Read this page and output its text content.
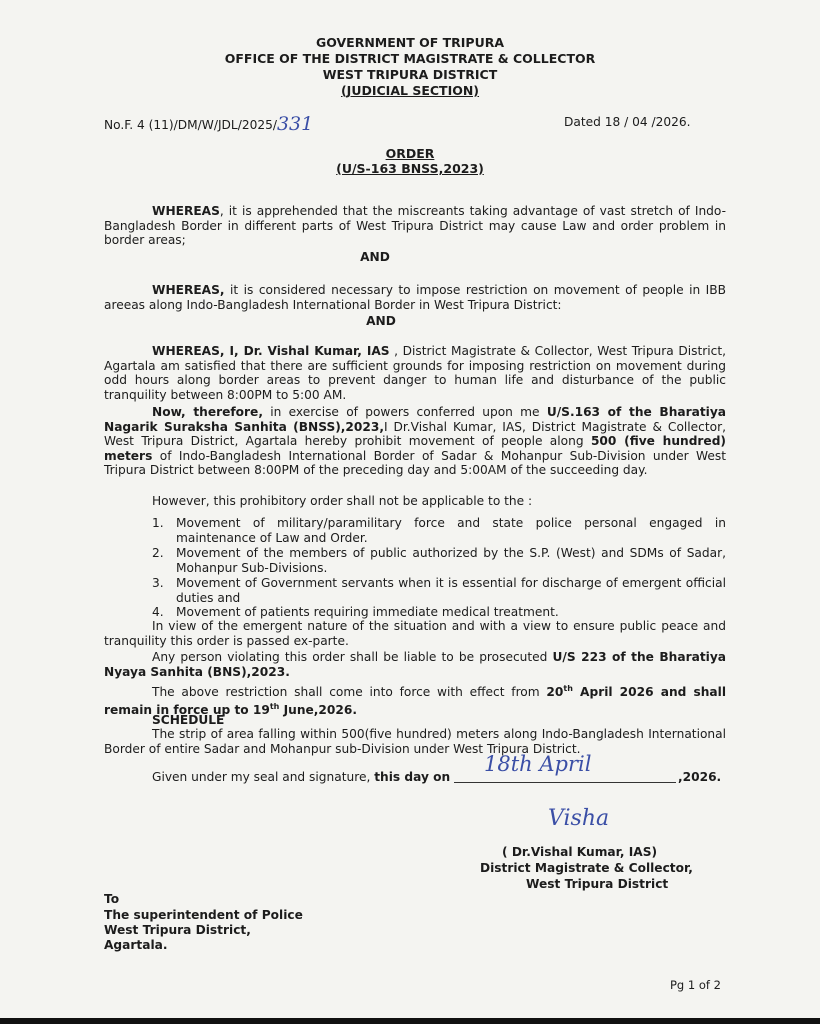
GOVERNMENT OF TRIPURA
OFFICE OF THE DISTRICT MAGISTRATE & COLLECTOR
WEST TRIPURA DISTRICT
(JUDICIAL SECTION)
No.F. 4 (11)/DM/W/JDL/2025/331	Dated 18 / 04 /2026.
ORDER
(U/S-163 BNSS,2023)
WHEREAS, it is apprehended that the miscreants taking advantage of vast stretch of Indo-Bangladesh Border in different parts of West Tripura District may cause Law and order problem in border areas;
AND
WHEREAS, it is considered necessary to impose restriction on movement of people in IBB areeas along Indo-Bangladesh International Border in West Tripura District:
AND
WHEREAS, I, Dr. Vishal Kumar, IAS , District Magistrate & Collector, West Tripura District, Agartala am satisfied that there are sufficient grounds for imposing restriction on movement during odd hours along border areas to prevent danger to human life and disturbance of the public tranquility between 8:00PM to 5:00 AM.
Now, therefore, in exercise of powers conferred upon me U/S.163 of the Bharatiya Nagarik Suraksha Sanhita (BNSS),2023,I Dr.Vishal Kumar, IAS, District Magistrate & Collector, West Tripura District, Agartala hereby prohibit movement of people along 500 (five hundred) meters of Indo-Bangladesh International Border of Sadar & Mohanpur Sub-Division under West Tripura District between 8:00PM of the preceding day and 5:00AM of the succeeding day.
However, this prohibitory order shall not be applicable to the :
1. Movement of military/paramilitary force and state police personal engaged in maintenance of Law and Order.
2. Movement of the members of public authorized by the S.P. (West) and SDMs of Sadar, Mohanpur Sub-Divisions.
3. Movement of Government servants when it is essential for discharge of emergent official duties and
4. Movement of patients requiring immediate medical treatment.
In view of the emergent nature of the situation and with a view to ensure public peace and tranquility this order is passed ex-parte.
Any person violating this order shall be liable to be prosecuted U/S 223 of the Bharatiya Nyaya Sanhita (BNS),2023.
The above restriction shall come into force with effect from 20th April 2026 and shall remain in force up to 19th June,2026.
SCHEDULE
The strip of area falling within 500(five hundred) meters along Indo-Bangladesh International Border of entire Sadar and Mohanpur sub-Division under West Tripura District.
Given under my seal and signature, this day on
18th April
,2026.
Visha
( Dr.Vishal Kumar, IAS)
District Magistrate & Collector,
West Tripura District
To
The superintendent of Police
West Tripura District,
Agartala.
Pg 1 of 2
